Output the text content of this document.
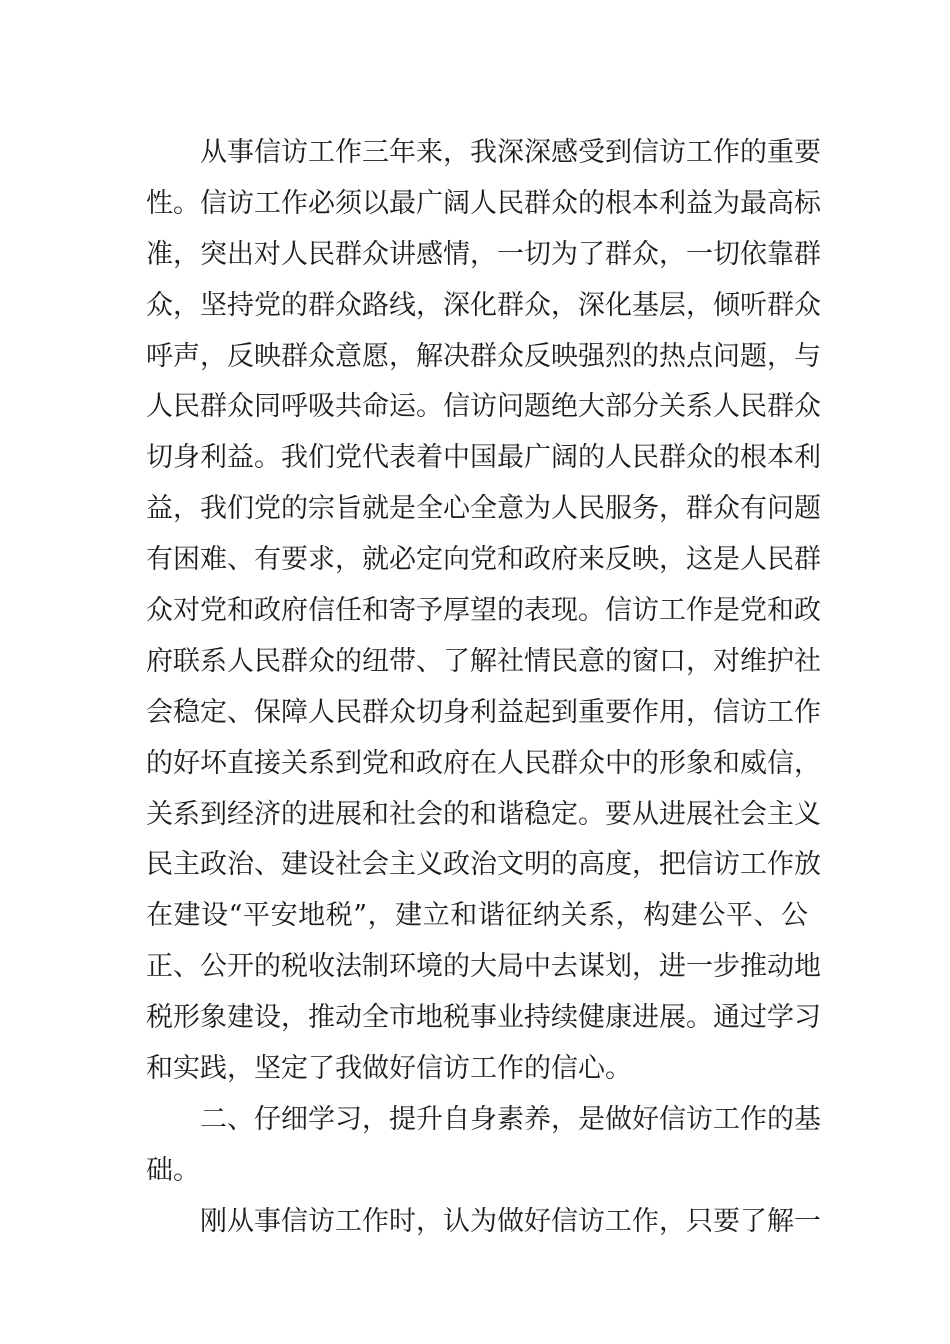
从事信访工作三年来，我深深感受到信访工作的重要
性。信访工作必须以最广阔人民群众的根本利益为最高标
准，突出对人民群众讲感情，一切为了群众，一切依靠群
众，坚持党的群众路线，深化群众，深化基层，倾听群众
呼声，反映群众意愿，解决群众反映强烈的热点问题，与
人民群众同呼吸共命运。信访问题绝大部分关系人民群众
切身利益。我们党代表着中国最广阔的人民群众的根本利
益，我们党的宗旨就是全心全意为人民服务，群众有问题
有困难、有要求，就必定向党和政府来反映，这是人民群
众对党和政府信任和寄予厚望的表现。信访工作是党和政
府联系人民群众的纽带、了解社情民意的窗口，对维护社
会稳定、保障人民群众切身利益起到重要作用，信访工作
的好坏直接关系到党和政府在人民群众中的形象和威信，
关系到经济的进展和社会的和谐稳定。要从进展社会主义
民主政治、建设社会主义政治文明的高度，把信访工作放
在建设“平安地税”，建立和谐征纳关系，构建公平、公
正、公开的税收法制环境的大局中去谋划，进一步推动地
税形象建设，推动全市地税事业持续健康进展。通过学习
和实践，坚定了我做好信访工作的信心。
二、仔细学习，提升自身素养，是做好信访工作的基
础。
刚从事信访工作时，认为做好信访工作，只要了解一
